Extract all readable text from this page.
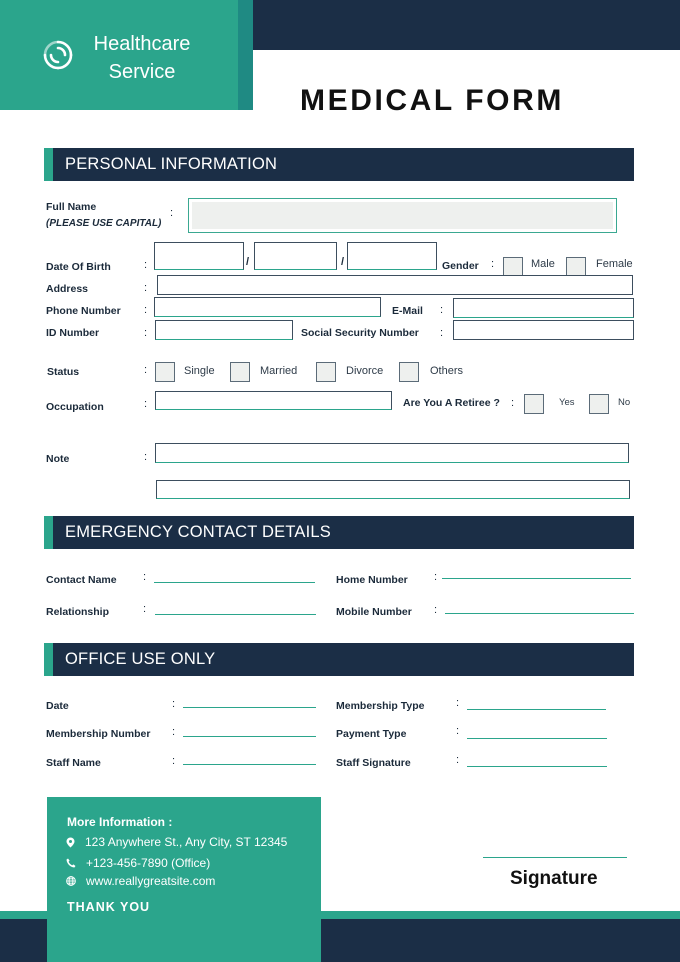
Healthcare
Service
MEDICAL FORM
PERSONAL INFORMATION
Full Name
(PLEASE USE CAPITAL)
:
Date Of Birth	:	/	/	Gender :	Male	Female
Address	:
Phone Number :	E-Mail :
ID Number	:	Social Security Number :
Status	:	Single	Married	Divorce	Others
Occupation	:	Are You A Retiree ? :	Yes	No
Note	:
EMERGENCY CONTACT DETAILS
Contact Name :	Home Number :
Relationship	:	Mobile Number :
OFFICE USE ONLY
Date	:	Membership Type	:
Membership Number :	Payment Type	:
Staff Name	:	Staff Signature	:
More Information :
123 Anywhere St., Any City, ST 12345
+123-456-7890 (Office)
www.reallygreatsite.com
THANK YOU
Signature
